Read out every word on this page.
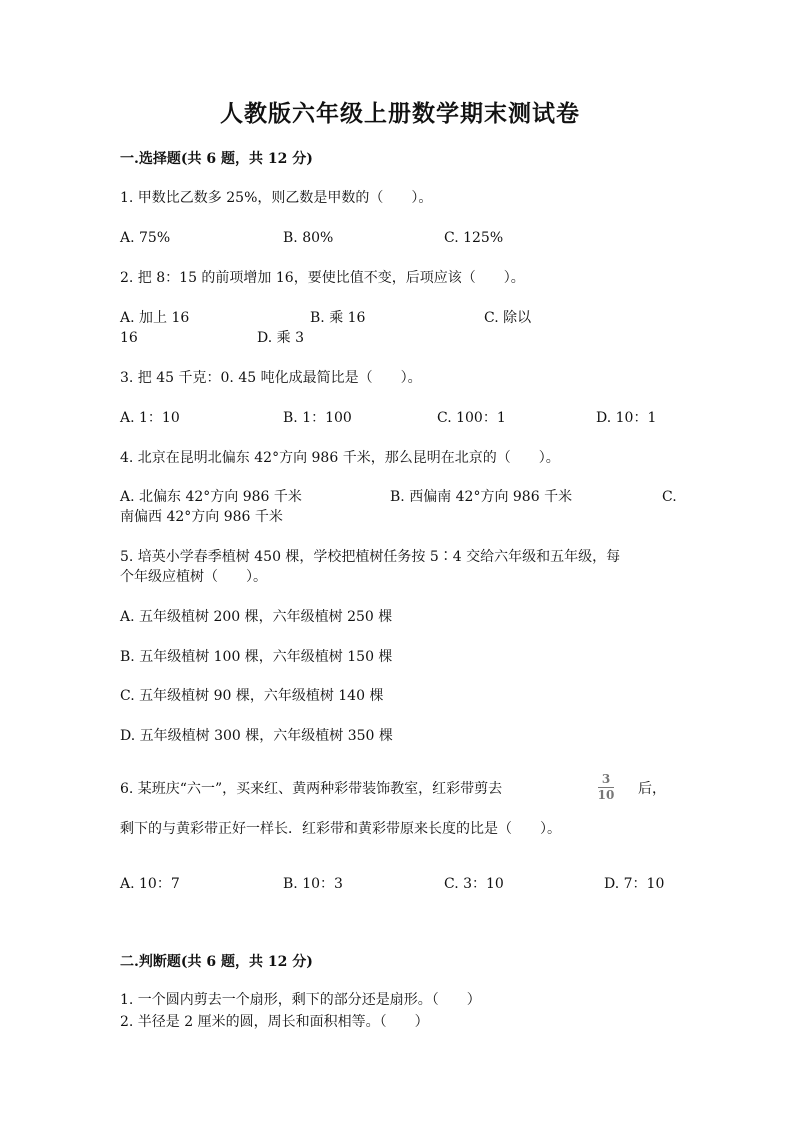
人教版六年级上册数学期末测试卷
一.选择题(共 6 题，共 12 分)
1. 甲数比乙数多 25%，则乙数是甲数的（　　）。
A. 75%	B. 80%	C. 125%
2. 把 8：15 的前项增加 16，要使比值不变，后项应该（　　）。
A. 加上 16	B. 乘 16	C. 除以
16	D. 乘 3
3. 把 45 千克：0. 45 吨化成最简比是（　　）。
A. 1：10	B. 1：100	C. 100：1	D. 10：1
4. 北京在昆明北偏东 42°方向 986 千米，那么昆明在北京的（　　）。
A. 北偏东 42°方向 986 千米	B. 西偏南 42°方向 986 千米	C.
南偏西 42°方向 986 千米
5. 培英小学春季植树 450 棵，学校把植树任务按 5∶4 交给六年级和五年级，每
个年级应植树（　　）。
A. 五年级植树 200 棵，六年级植树 250 棵
B. 五年级植树 100 棵，六年级植树 150 棵
C. 五年级植树 90 棵，六年级植树 140 棵
D. 五年级植树 300 棵，六年级植树 350 棵
6. 某班庆“六一”，买来红、黄两种彩带装饰教室，红彩带剪去
3
10 后，
剩下的与黄彩带正好一样长．红彩带和黄彩带原来长度的比是（　　）。
A. 10：7	B. 10：3	C. 3：10	D. 7：10
二.判断题(共 6 题，共 12 分)
1. 一个圆内剪去一个扇形，剩下的部分还是扇形。（　　）
2. 半径是 2 厘米的圆，周长和面积相等。（　　）
